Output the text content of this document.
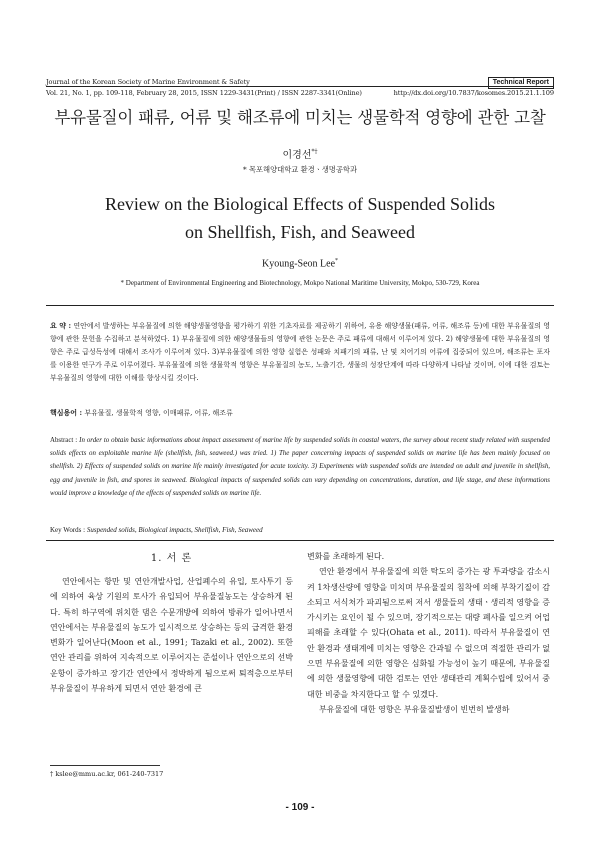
Journal of the Korean Society of Marine Environment & Safety	Technical Report
Vol. 21, No. 1, pp. 109-118, February 28, 2015, ISSN 1229-3431(Print) / ISSN 2287-3341(Online)	http://dx.doi.org/10.7837/kosomes.2015.21.1.109
부유물질이 패류, 어류 및 해조류에 미치는 생물학적 영향에 관한 고찰
이경선*†
* 목포해양대학교 환경ㆍ생명공학과
Review on the Biological Effects of Suspended Solids
on Shellfish, Fish, and Seaweed
Kyoung-Seon Lee*
* Department of Environmental Engineering and Biotechnology, Mokpo National Maritime University, Mokpo, 530-729, Korea
요 약 : 연안에서 발생하는 부유물질에 의한 해양생물영향을 평가하기 위한 기초자료를 제공하기 위하여, 유용 해양생물(패류, 어류, 해조류 등)에 대한 부유물질의 영향에 관한 문헌을 수집하고 분석하였다. 1) 부유물질에 의한 해양생물들의 영향에 관한 논문은 주로 패류에 대해서 이루어져 있다. 2) 해양생물에 대한 부유물질의 영향은 주로 급성독성에 대해서 조사가 이루어져 있다. 3)부유물질에 의한 영향 실험은 성패와 치패기의 패류, 난 및 치어기의 어류에 집중되어 있으며, 해조류는 포자를 이용한 연구가 주로 이루어졌다. 부유물질에 의한 생물학적 영향은 부유물질의 농도, 노출기간, 생물의 성장단계에 따라 다양하게 나타날 것이며, 이에 대한 검토는 부유물질의 영향에 대한 이해를 향상시킬 것이다.
핵심용어 : 부유물질, 생물학적 영향, 이매패류, 어류, 해조류
Abstract : In order to obtain basic informations about impact assessment of marine life by suspended solids in coastal waters, the survey about recent study related with suspended solids effects on exploitable marine life (shellfish, fish, seaweed.) was tried. 1) The paper concerning impacts of suspended solids on marine life has been mainly focused on shellfish. 2) Effects of suspended solids on marine life mainly investigated for acute toxicity. 3) Experiments with suspended solids are intended on adult and juvenile in shellfish, egg and juvenile in fish, and spores in seaweed. Biological impacts of suspended solids can vary depending on concentrations, duration, and life stage, and these informations would improve a knowledge of the effects of suspended solids on marine life.
Key Words : Suspended solids, Biological impacts, Shellfish, Fish, Seaweed
1. 서 론

연안에서는 항만 및 연안개발사업, 산업폐수의 유입, 토사투기 등에 의하여 육상 기원의 토사가 유입되어 부유물질농도는 상승하게 된다. 특히 하구역에 위치한 댐은 수문개방에 의하여 방류가 일어나면서 연안에서는 부유물질의 농도가 일시적으로 상승하는 등의 급격한 환경변화가 일어난다(Moon et al., 1991; Tazaki et al., 2002). 또한 연안 관리를 위하여 지속적으로 이루어지는 준설이나 연안으로의 선박운항이 증가하고 장기간 연안에서 정박하게 됨으로써 퇴적층으로부터 부유물질이 부유하게 되면서 연안 환경에 큰

변화를 초래하게 된다.

연안 환경에서 부유물질에 의한 탁도의 증가는 광 투과량을 감소시켜 1차생산량에 영향을 미치며 부유물질의 침착에 의해 부착기질이 감소되고 서식처가 파괴됨으로써 저서 생물들의 생태ㆍ생리적 영향을 증가시키는 요인이 될 수 있으며, 장기적으로는 대량 폐사를 일으켜 어업 피해를 초래할 수 있다(Ohata et al., 2011). 따라서 부유물질이 연안 환경과 생태계에 미치는 영향은 간과될 수 없으며 적절한 관리가 없으면 부유물질에 의한 영향은 심화될 가능성이 높기 때문에, 부유물질에 의한 생물영향에 대한 검토는 연안 생태관리 계획수립에 있어서 중대한 비중을 차지한다고 할 수 있겠다.

부유물질에 대한 영향은 부유물질발생이 빈번히 발생하

† kslee@mmu.ac.kr, 061-240-7317
- 109 -
